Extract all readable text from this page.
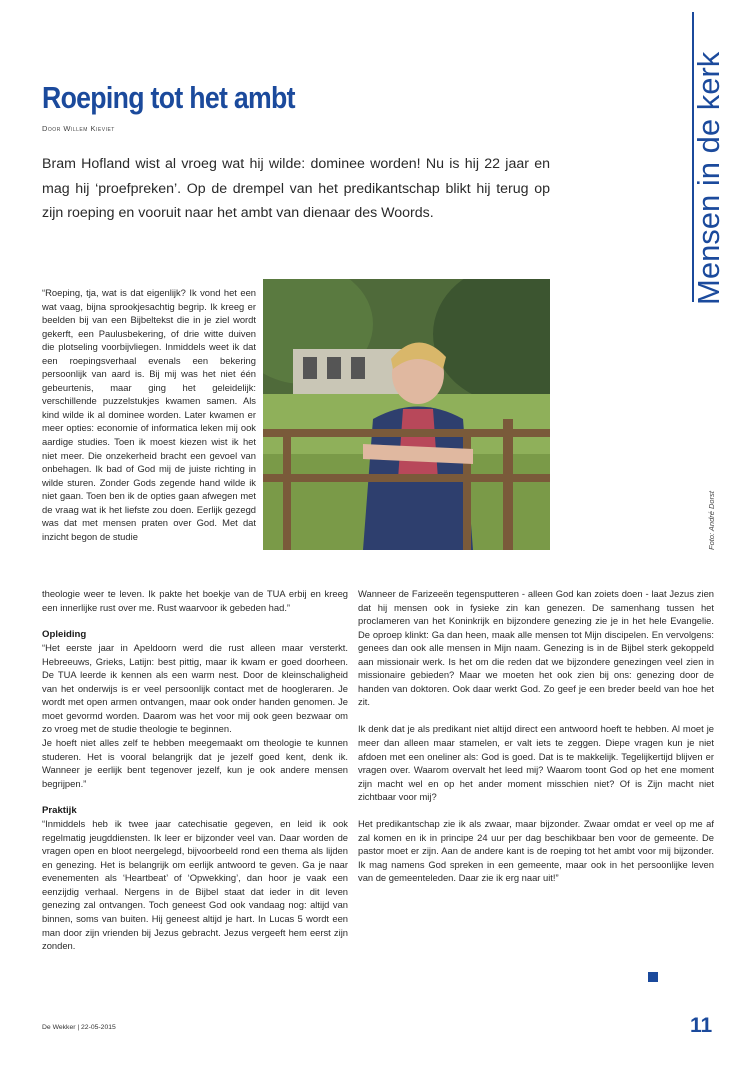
Roeping tot het ambt
Door Willem Kieviet

Bram Hofland wist al vroeg wat hij wilde: dominee worden! Nu is hij 22 jaar en mag hij ‘proefpreken’. Op de drempel van het predikantschap blikt hij terug op zijn roeping en vooruit naar het ambt van dienaar des Woords.	Mensen in de kerk
Foto: André Dorst

“Roeping, tja, wat is dat eigenlijk? Ik vond het een wat vaag, bijna sprookjesachtig begrip. Ik kreeg er beelden bij van een Bijbeltekst die in je ziel wordt gekerft, een Paulusbekering, of drie witte duiven die plotseling voorbijvliegen. Inmiddels weet ik dat een roepingsverhaal evenals een bekering persoonlijk van aard is. Bij mij was het niet één gebeurtenis, maar ging het geleidelijk: verschillende puzzelstukjes kwamen samen. Als kind wilde ik al dominee worden. Later kwamen er meer opties: economie of informatica leken mij ook aardige studies. Toen ik moest kiezen wist ik het niet meer. Die onzekerheid bracht een gevoel van onbehagen. Ik bad of God mij de juiste richting in wilde sturen. Zonder Gods zegende hand wilde ik niet gaan. Toen ben ik de opties gaan afwegen met de vraag wat ik het liefste zou doen. Eerlijk gezegd was dat met mensen praten over God. Met dat inzicht begon de studie

theologie weer te leven. Ik pakte het boekje van de TUA erbij en kreeg een innerlijke rust over me. Rust waarvoor ik gebeden had.”

Opleiding

“Het eerste jaar in Apeldoorn werd die rust alleen maar versterkt. Hebreeuws, Grieks, Latijn: best pittig, maar ik kwam er goed doorheen. De TUA leerde ik kennen als een warm nest. Door de kleinschaligheid van het onderwijs is er veel persoonlijk contact met de hoogleraren. Je wordt met open armen ontvangen, maar ook onder handen genomen. Je moet gevormd worden. Daarom was het voor mij ook geen bezwaar om zo vroeg met de studie theologie te beginnen.

Je hoeft niet alles zelf te hebben meegemaakt om theologie te kunnen studeren. Het is vooral belangrijk dat je jezelf goed kent, denk ik. Wanneer je eerlijk bent tegenover jezelf, kun je ook andere mensen begrijpen.”

Praktijk

“Inmiddels heb ik twee jaar catechisatie gegeven, en leid ik ook regelmatig jeugddiensten. Ik leer er bijzonder veel van. Daar worden de vragen open en bloot neergelegd, bijvoorbeeld rond een thema als lijden en genezing. Het is belangrijk om eerlijk antwoord te geven. Ga je naar evenementen als ‘Heartbeat’ of ‘Opwekking’, dan hoor je vaak een eenzijdig verhaal. Nergens in de Bijbel staat dat ieder in dit leven genezing zal ontvangen. Toch geneest God ook vandaag nog: altijd van binnen, soms van buiten. Hij geneest altijd je hart. In Lucas 5 wordt een man door zijn vrienden bij Jezus gebracht. Jezus vergeeft hem eerst zijn zonden.

Wanneer de Farizeeën tegensputteren - alleen God kan zoiets doen - laat Jezus zien dat hij mensen ook in fysieke zin kan genezen. De samenhang tussen het proclameren van het Koninkrijk en bijzondere genezing zie je in het hele Evangelie. De oproep klinkt: Ga dan heen, maak alle mensen tot Mijn discipelen. En vervolgens: genees dan ook alle mensen in Mijn naam. Genezing is in de Bijbel sterk gekoppeld aan missionair werk. Is het om die reden dat we bijzondere genezingen veel zien in missionaire gebieden? Maar we moeten het ook zien bij ons: genezing door de handen van doktoren. Ook daar werkt God. Zo geef je een breder beeld van hoe het zit.

Ik denk dat je als predikant niet altijd direct een antwoord hoeft te hebben. Al moet je meer dan alleen maar stamelen, er valt iets te zeggen. Diepe vragen kun je niet afdoen met een oneliner als: God is goed. Dat is te makkelijk. Tegelijkertijd blijven er vragen over. Waarom overvalt het leed mij? Waarom toont God op het ene moment zijn macht wel en op het ander moment misschien niet? Of is Zijn macht niet zichtbaar voor mij?

Het predikantschap zie ik als zwaar, maar bijzonder. Zwaar omdat er veel op me af zal komen en ik in principe 24 uur per dag beschikbaar ben voor de gemeente. De pastor moet er zijn. Aan de andere kant is de roeping tot het ambt voor mij bijzonder. Ik mag namens God spreken in een gemeente, maar ook in het persoonlijke leven van de gemeenteleden. Daar zie ik erg naar uit!”

De Wekker | 22-05-2015	11
